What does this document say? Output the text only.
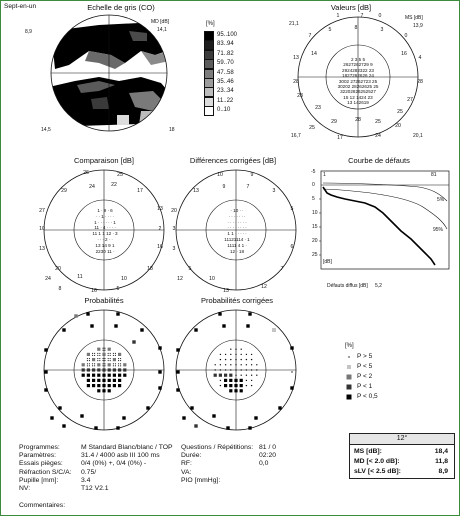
Sept-en-un	Echelle de gris (CO)
8,9
MD [dB]
14,1
14,5	18
[%]
95..100
83..94
71..82
59..70
47..58
35..46
23..34
11..22
0..10
Valeurs [dB]
1	7	0
7
5	8	3
0
13
14	16
4
28	28
28
27
23
25
29	28	25
25	20
17	24
21,1
MS [dB]
13,9
16,7	20,1
2 3 5 5
2627262729 9
2924282322 23
1827262626 24
3002 27262723 25
30202 28262625 25
32202826252527
15 12 1424 23
13 142619
Comparaison [dB]
26	25
29
24	22
17
27	13
10	2
13	16
20	18
24	11	10
8	16	5
1 ∙ 9 ∙ 6
∙ ∙ 1 ∙ ∙ ∙ ∙
1 ∙ ∙ ∙ ∙ ∙ ∙ 1
11 ∙ 4 ∙ ∙ ∙ ∙
11 1 1 12 ∙ 3
∙ ∙ ∙ 2 ∙ ∙
13 14 9 1
2230 11 ∙
Différences corrigées [dB]
10	9
13
9	7
3
20	5
3
3	6
5	7
12	10
13
12
∙ 10 ∙ ∙
∙ ∙ ∙ ∙ ∙ ∙ ∙
∙ ∙ ∙ ∙ ∙ ∙ ∙ ∙
∙ ∙ ∙ ∙ ∙ ∙ ∙ ∙
1 1 ∙ ∙ ∙ ∙ ∙
11121114 ∙ 1
1111 4 1 ∙
12 ∙ 18
Courbe de défauts
-5
0
5
10
15
20
25
1	81
5%
95%
[dB]
Défauts diffus [dB] 5,2
Probabilités	Probabilités corrigées
[%]
P > 5
P < 5
P < 2
P < 1
P < 0,5
Programmes:	M Standard Blanc/blanc / TOP
Paramètres:	31.4 / 4000 asb III 100 ms
Essais pièges:	0/4 (0%) +, 0/4 (0%) -
Réfraction S/C/A: 0.75/
Pupille [mm]:	3.4
NV:	T12 V2.1
Commentaires:
Questions / Répétitions: 81 / 0
Durée:	02:20
RF:	0,0
VA:
PIO [mmHg]:
12°
MS [dB]:	18,4
MD [< 2.0 dB]:	11,8
sLV [< 2.5 dB]:	8,9
